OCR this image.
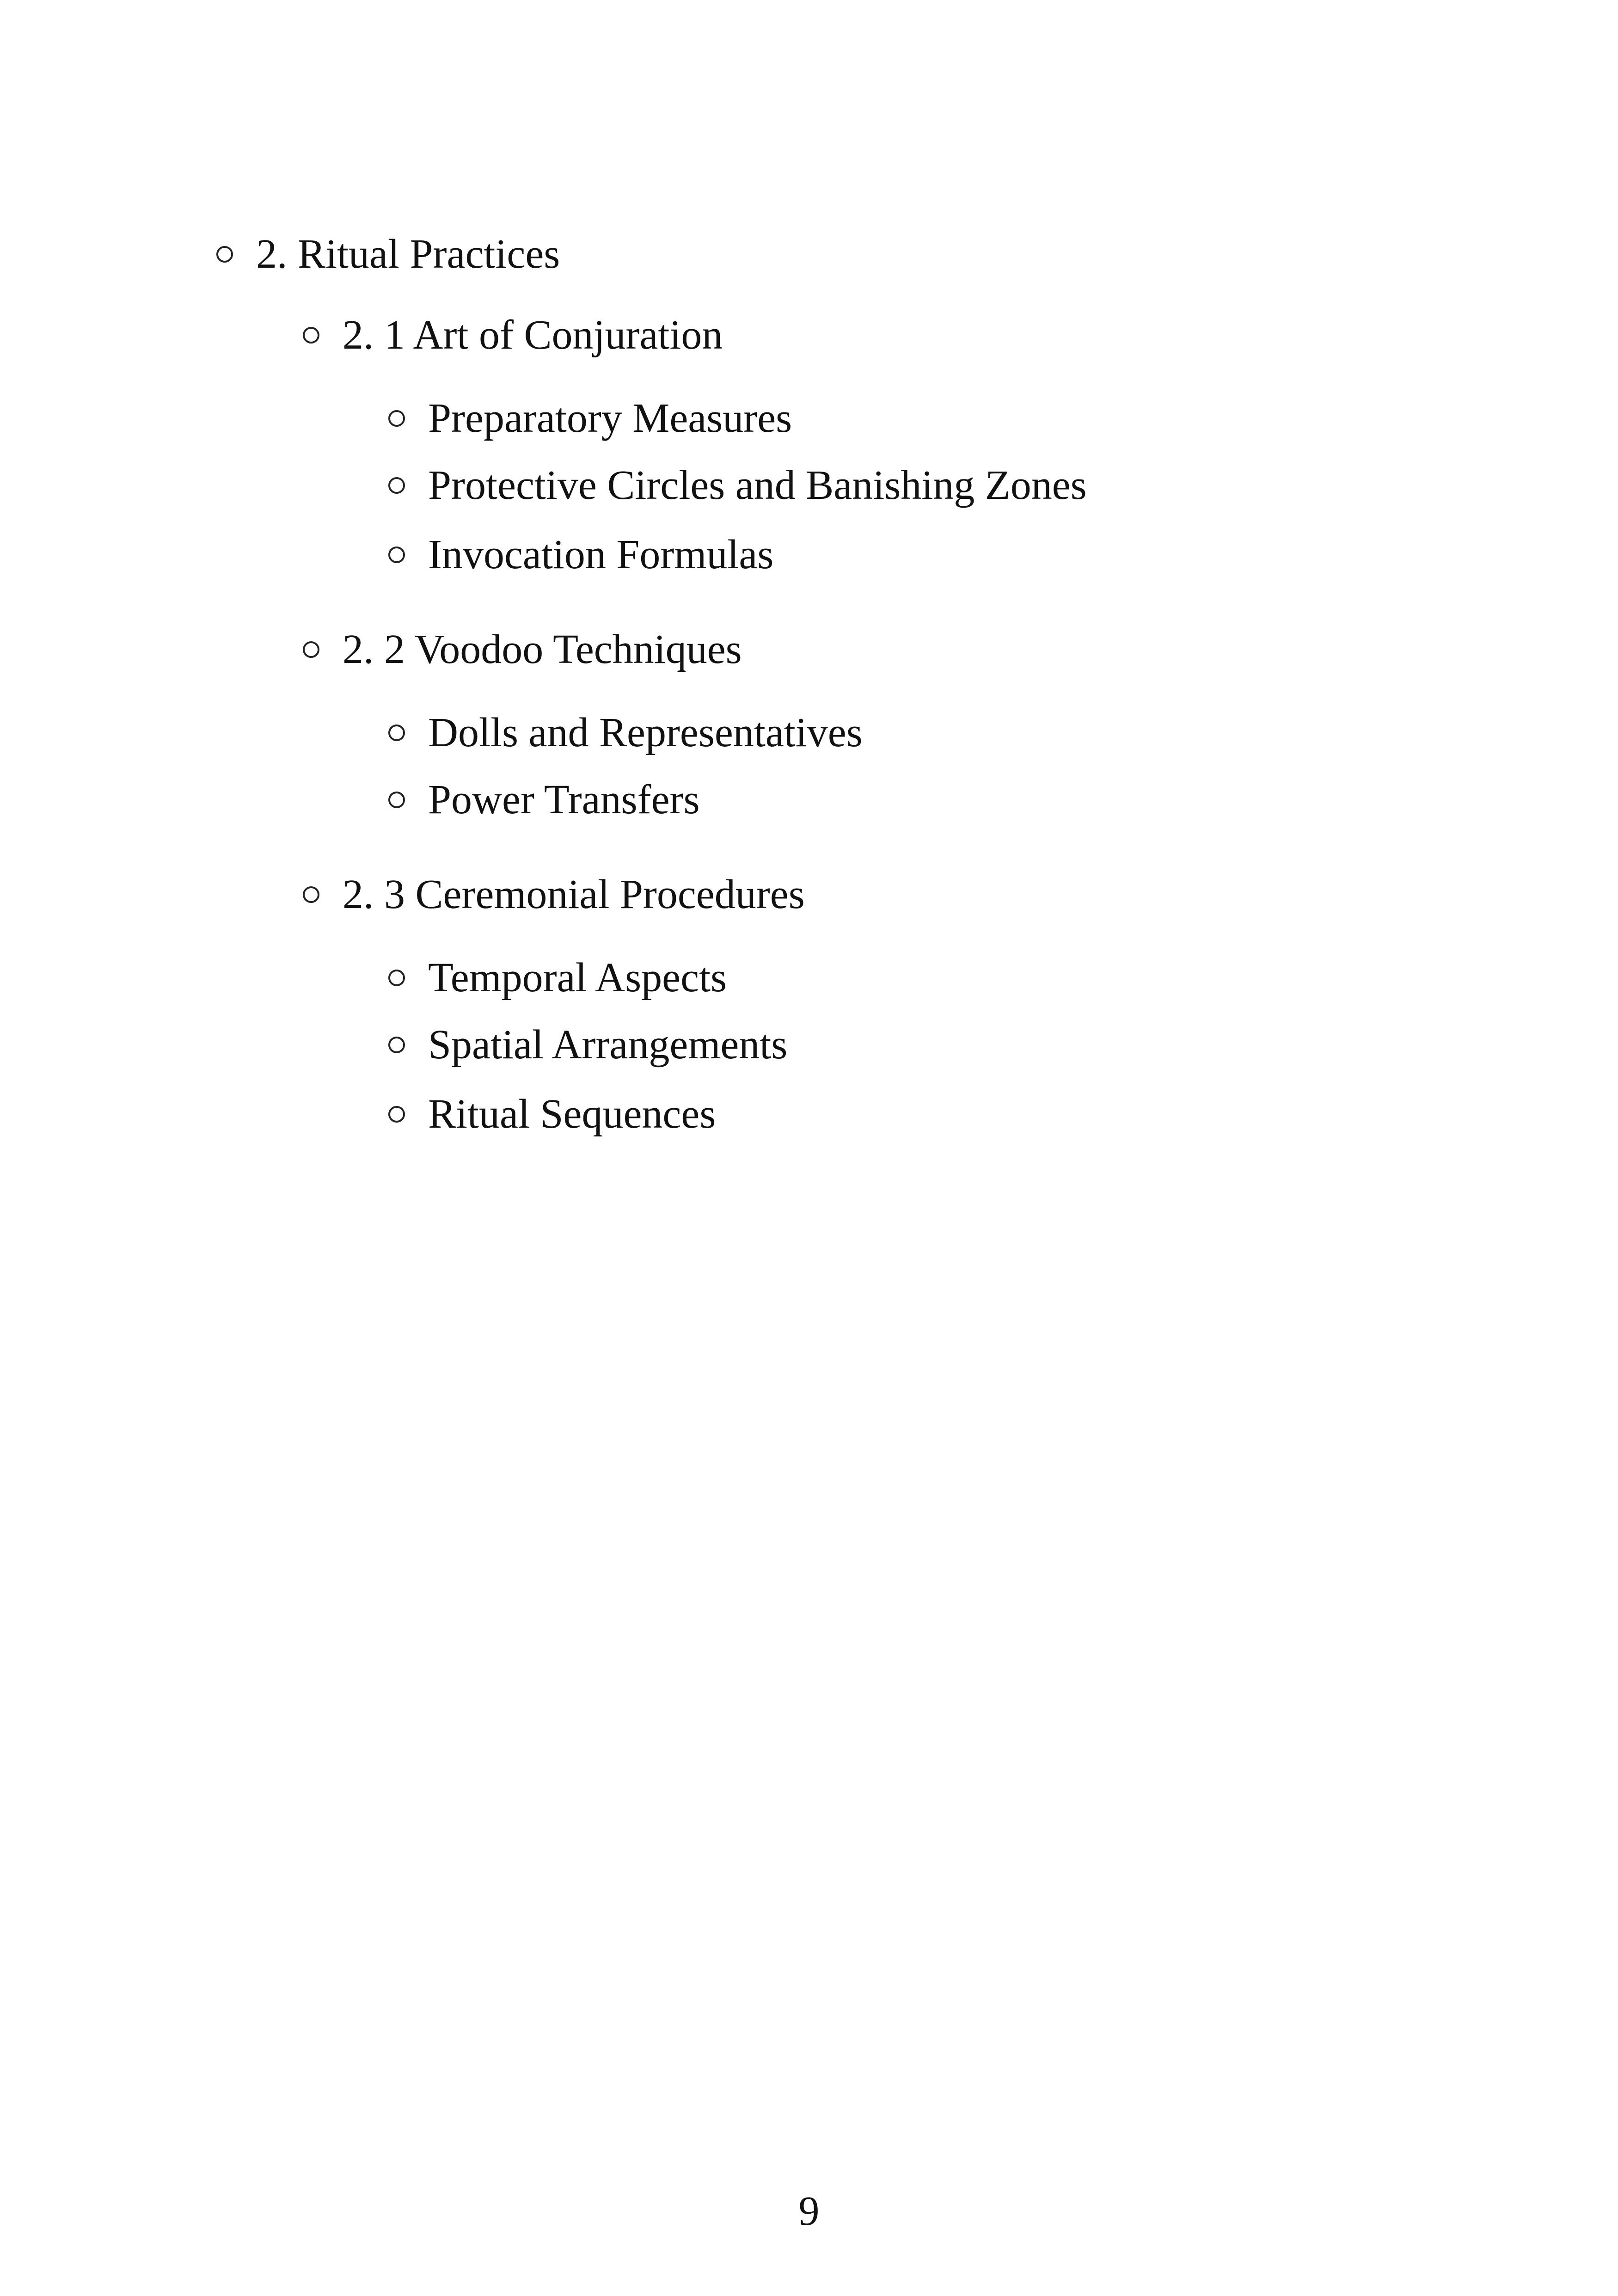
2. Ritual Practices
2. 1 Art of Conjuration
Preparatory Measures
Protective Circles and Banishing Zones
Invocation Formulas
2. 2 Voodoo Techniques
Dolls and Representatives
Power Transfers
2. 3 Ceremonial Procedures
Temporal Aspects
Spatial Arrangements
Ritual Sequences
9
